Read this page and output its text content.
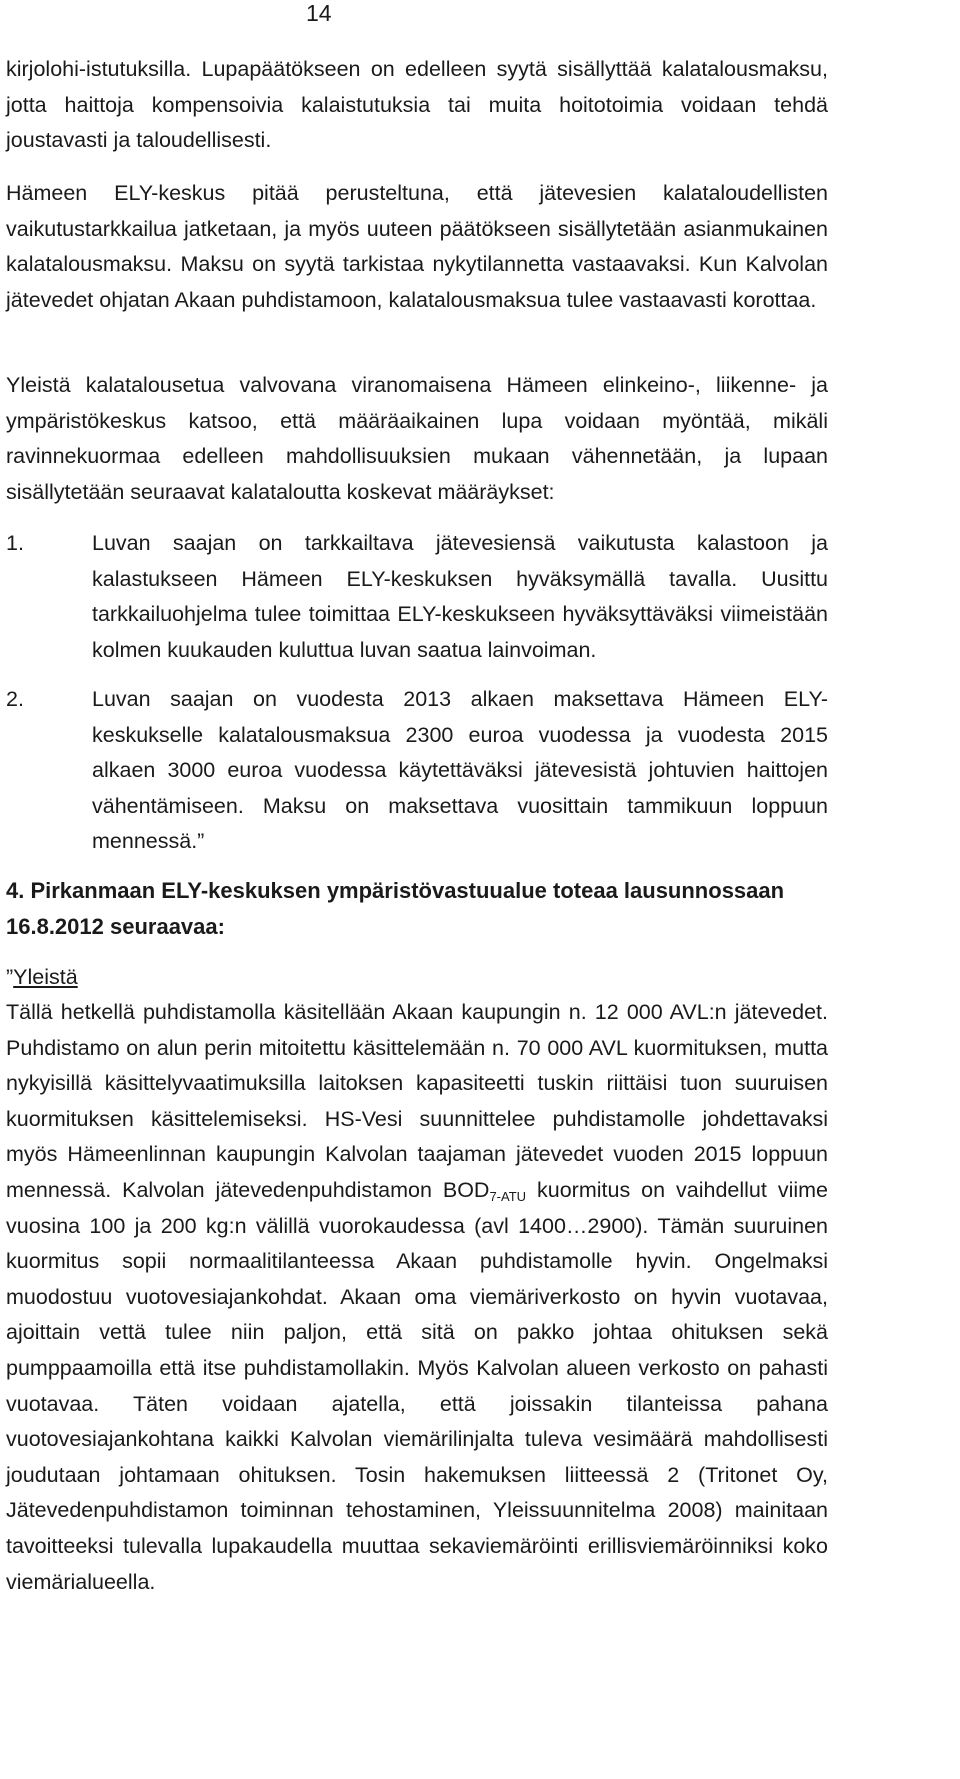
14

kirjolohi-istutuksilla. Lupapäätökseen on edelleen syytä sisällyttää kalatalousmaksu, jotta haittoja kompensoivia kalaistutuksia tai muita hoitotoimia voidaan tehdä joustavasti ja taloudellisesti.

Hämeen ELY-keskus pitää perusteltuna, että jätevesien kalataloudellisten vaikutustarkkailua jatketaan, ja myös uuteen päätökseen sisällytetään asianmukainen kalatalousmaksu. Maksu on syytä tarkistaa nykytilannetta vastaavaksi. Kun Kalvolan jätevedet ohjatan Akaan puhdistamoon, kalatalousmaksua tulee vastaavasti korottaa.

Yleistä kalatalousetua valvovana viranomaisena Hämeen elinkeino-, liikenne- ja ympäristökeskus katsoo, että määräaikainen lupa voidaan myöntää, mikäli ravinnekuormaa edelleen mahdollisuuksien mukaan vähennetään, ja lupaan sisällytetään seuraavat kalataloutta koskevat määräykset:

1.	Luvan saajan on tarkkailtava jätevesiensä vaikutusta kalastoon ja kalastukseen Hämeen ELY-keskuksen hyväksymällä tavalla. Uusittu tarkkailuohjelma tulee toimittaa ELY-keskukseen hyväksyttäväksi viimeistään kolmen kuukauden kuluttua luvan saatua lainvoiman.
2.	Luvan saajan on vuodesta 2013 alkaen maksettava Hämeen ELY-keskukselle kalatalousmaksua 2300 euroa vuodessa ja vuodesta 2015 alkaen 3000 euroa vuodessa käytettäväksi jätevesistä johtuvien haittojen vähentämiseen. Maksu on maksettava vuosittain tammikuun loppuun mennessä.”

4. Pirkanmaan ELY-keskuksen ympäristövastuualue toteaa lausunnossaan 16.8.2012 seuraavaa:

”Yleistä

Tällä hetkellä puhdistamolla käsitellään Akaan kaupungin n. 12 000 AVL:n jätevedet. Puhdistamo on alun perin mitoitettu käsittelemään n. 70 000 AVL kuormituksen, mutta nykyisillä käsittelyvaatimuksilla laitoksen kapasiteetti tuskin riittäisi tuon suuruisen kuormituksen käsittelemiseksi. HS-Vesi suunnittelee puhdistamolle johdettavaksi myös Hämeenlinnan kaupungin Kalvolan taajaman jätevedet vuoden 2015 loppuun mennessä. Kalvolan jätevedenpuhdistamon $BOD_{7-ATU}$ kuormitus on vaihdellut viime vuosina 100 ja 200 kg:n välillä vuorokaudessa (avl 1400…2900). Tämän suuruinen kuormitus sopii normaalitilanteessa Akaan puhdistamolle hyvin. Ongelmaksi muodostuu vuotovesiajankohdat. Akaan oma viemäriverkosto on hyvin vuotavaa, ajoittain vettä tulee niin paljon, että sitä on pakko johtaa ohituksen sekä pumppaamoilla että itse puhdistamollakin. Myös Kalvolan alueen verkosto on pahasti vuotavaa. Täten voidaan ajatella, että joissakin tilanteissa pahana vuotovesiajankohtana kaikki Kalvolan viemärilinjalta tuleva vesimäärä mahdollisesti joudutaan johtamaan ohituksen. Tosin hakemuksen liitteessä 2 (Tritonet Oy, Jätevedenpuhdistamon toiminnan tehostaminen, Yleissuunnitelma 2008) mainitaan tavoitteeksi tulevalla lupakaudella muuttaa sekaviemäröinti erillisviemäröinniksi koko viemärialueella.
